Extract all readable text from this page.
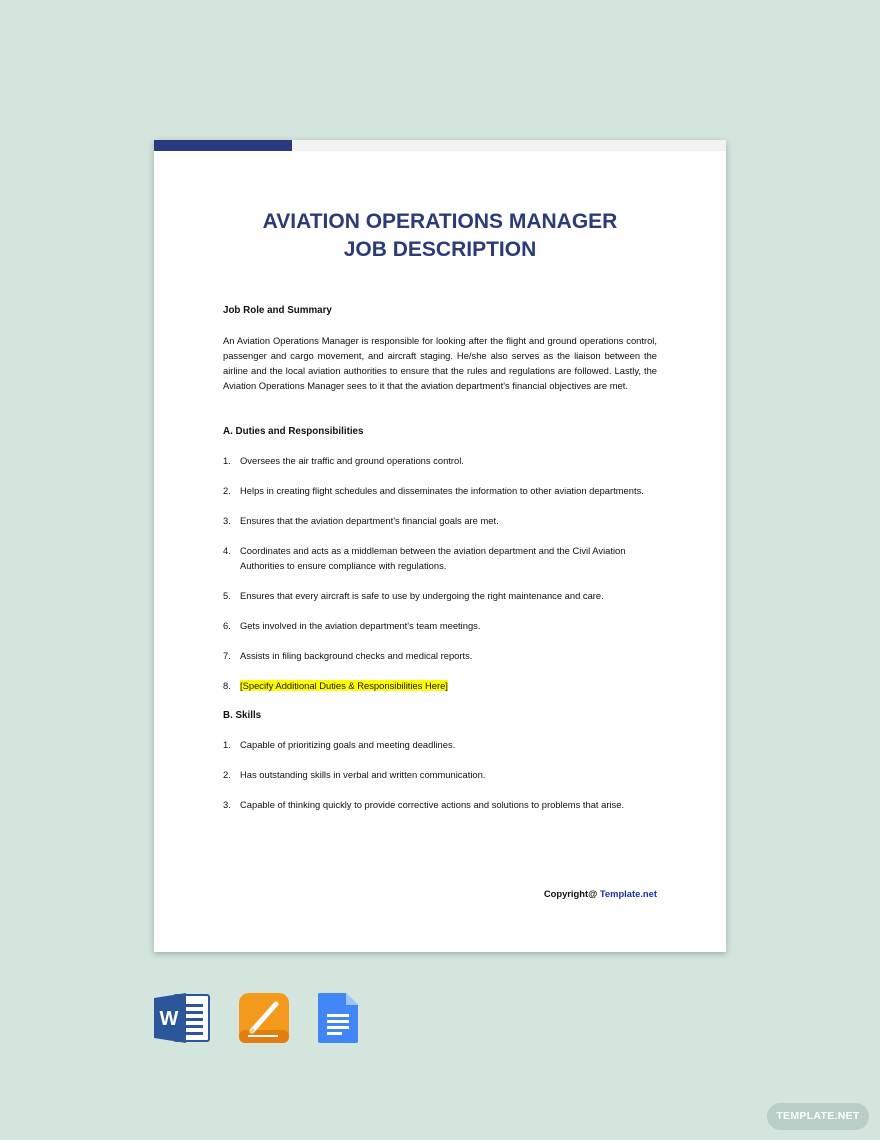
AVIATION OPERATIONS MANAGER
JOB DESCRIPTION
Job Role and Summary
An Aviation Operations Manager is responsible for looking after the flight and ground operations control, passenger and cargo movement, and aircraft staging. He/she also serves as the liaison between the airline and the local aviation authorities to ensure that the rules and regulations are followed. Lastly, the Aviation Operations Manager sees to it that the aviation department's financial objectives are met.
A. Duties and Responsibilities
1. Oversees the air traffic and ground operations control.
2. Helps in creating flight schedules and disseminates the information to other aviation departments.
3. Ensures that the aviation department's financial goals are met.
4. Coordinates and acts as a middleman between the aviation department and the Civil Aviation Authorities to ensure compliance with regulations.
5. Ensures that every aircraft is safe to use by undergoing the right maintenance and care.
6. Gets involved in the aviation department's team meetings.
7. Assists in filing background checks and medical reports.
8. [Specify Additional Duties & Responsibilities Here]
B. Skills
1. Capable of prioritizing goals and meeting deadlines.
2. Has outstanding skills in verbal and written communication.
3. Capable of thinking quickly to provide corrective actions and solutions to problems that arise.
Copyright@ Template.net
W
TEMPLATE.NET
